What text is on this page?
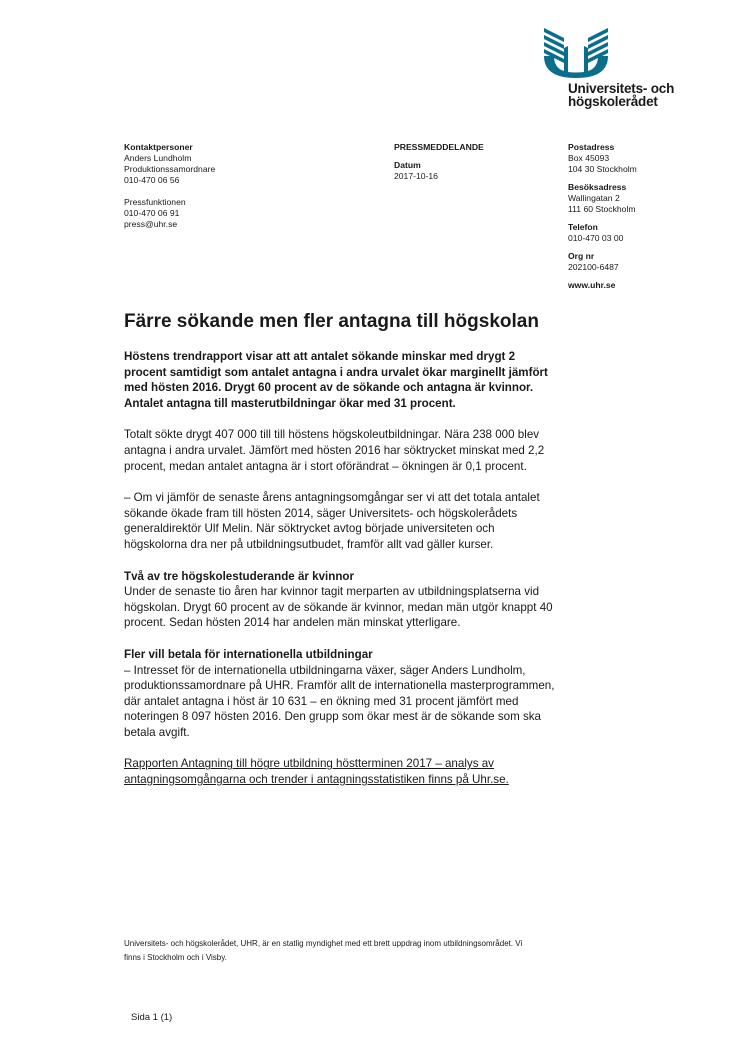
Universitets- och
högskolerådet
Kontaktpersoner
Anders Lundholm
Produktionssamordnare
010-470 06 56
Pressfunktionen
010-470 06 91
press@uhr.se
PRESSMEDDELANDE
Datum
2017-10-16
Postadress
Box 45093
104 30 Stockholm
Besöksadress
Wallingatan 2
111 60 Stockholm
Telefon
010-470 03 00
Org nr
202100-6487
www.uhr.se
Färre sökande men fler antagna till högskolan

Höstens trendrapport visar att att antalet sökande minskar med drygt 2 procent samtidigt som antalet antagna i andra urvalet ökar marginellt jämfört med hösten 2016. Drygt 60 procent av de sökande och antagna är kvinnor. Antalet antagna till masterutbildningar ökar med 31 procent.

Totalt sökte drygt 407 000 till till höstens högskoleutbildningar. Nära 238 000 blev antagna i andra urvalet. Jämfört med hösten 2016 har söktrycket minskat med 2,2 procent, medan antalet antagna är i stort oförändrat – ökningen är 0,1 procent.

– Om vi jämför de senaste årens antagningsomgångar ser vi att det totala antalet sökande ökade fram till hösten 2014, säger Universitets- och högskolerådets generaldirektör Ulf Melin. När söktrycket avtog började universiteten och högskolorna dra ner på utbildningsutbudet, framför allt vad gäller kurser.

Två av tre högskolestuderande är kvinnor

Under de senaste tio åren har kvinnor tagit merparten av utbildningsplatserna vid högskolan. Drygt 60 procent av de sökande är kvinnor, medan män utgör knappt 40 procent. Sedan hösten 2014 har andelen män minskat ytterligare.

Fler vill betala för internationella utbildningar

– Intresset för de internationella utbildningarna växer, säger Anders Lundholm, produktionssamordnare på UHR. Framför allt de internationella masterprogrammen, där antalet antagna i höst är 10 631 – en ökning med 31 procent jämfört med noteringen 8 097 hösten 2016. Den grupp som ökar mest är de sökande som ska betala avgift.

Rapporten Antagning till högre utbildning höstterminen 2017 – analys av antagningsomgångarna och trender i antagningsstatistiken finns på Uhr.se.

Universitets- och högskolerådet, UHR, är en statlig myndighet med ett brett uppdrag inom utbildningsområdet. Vi finns i Stockholm och i Visby.
Sida 1 (1)
